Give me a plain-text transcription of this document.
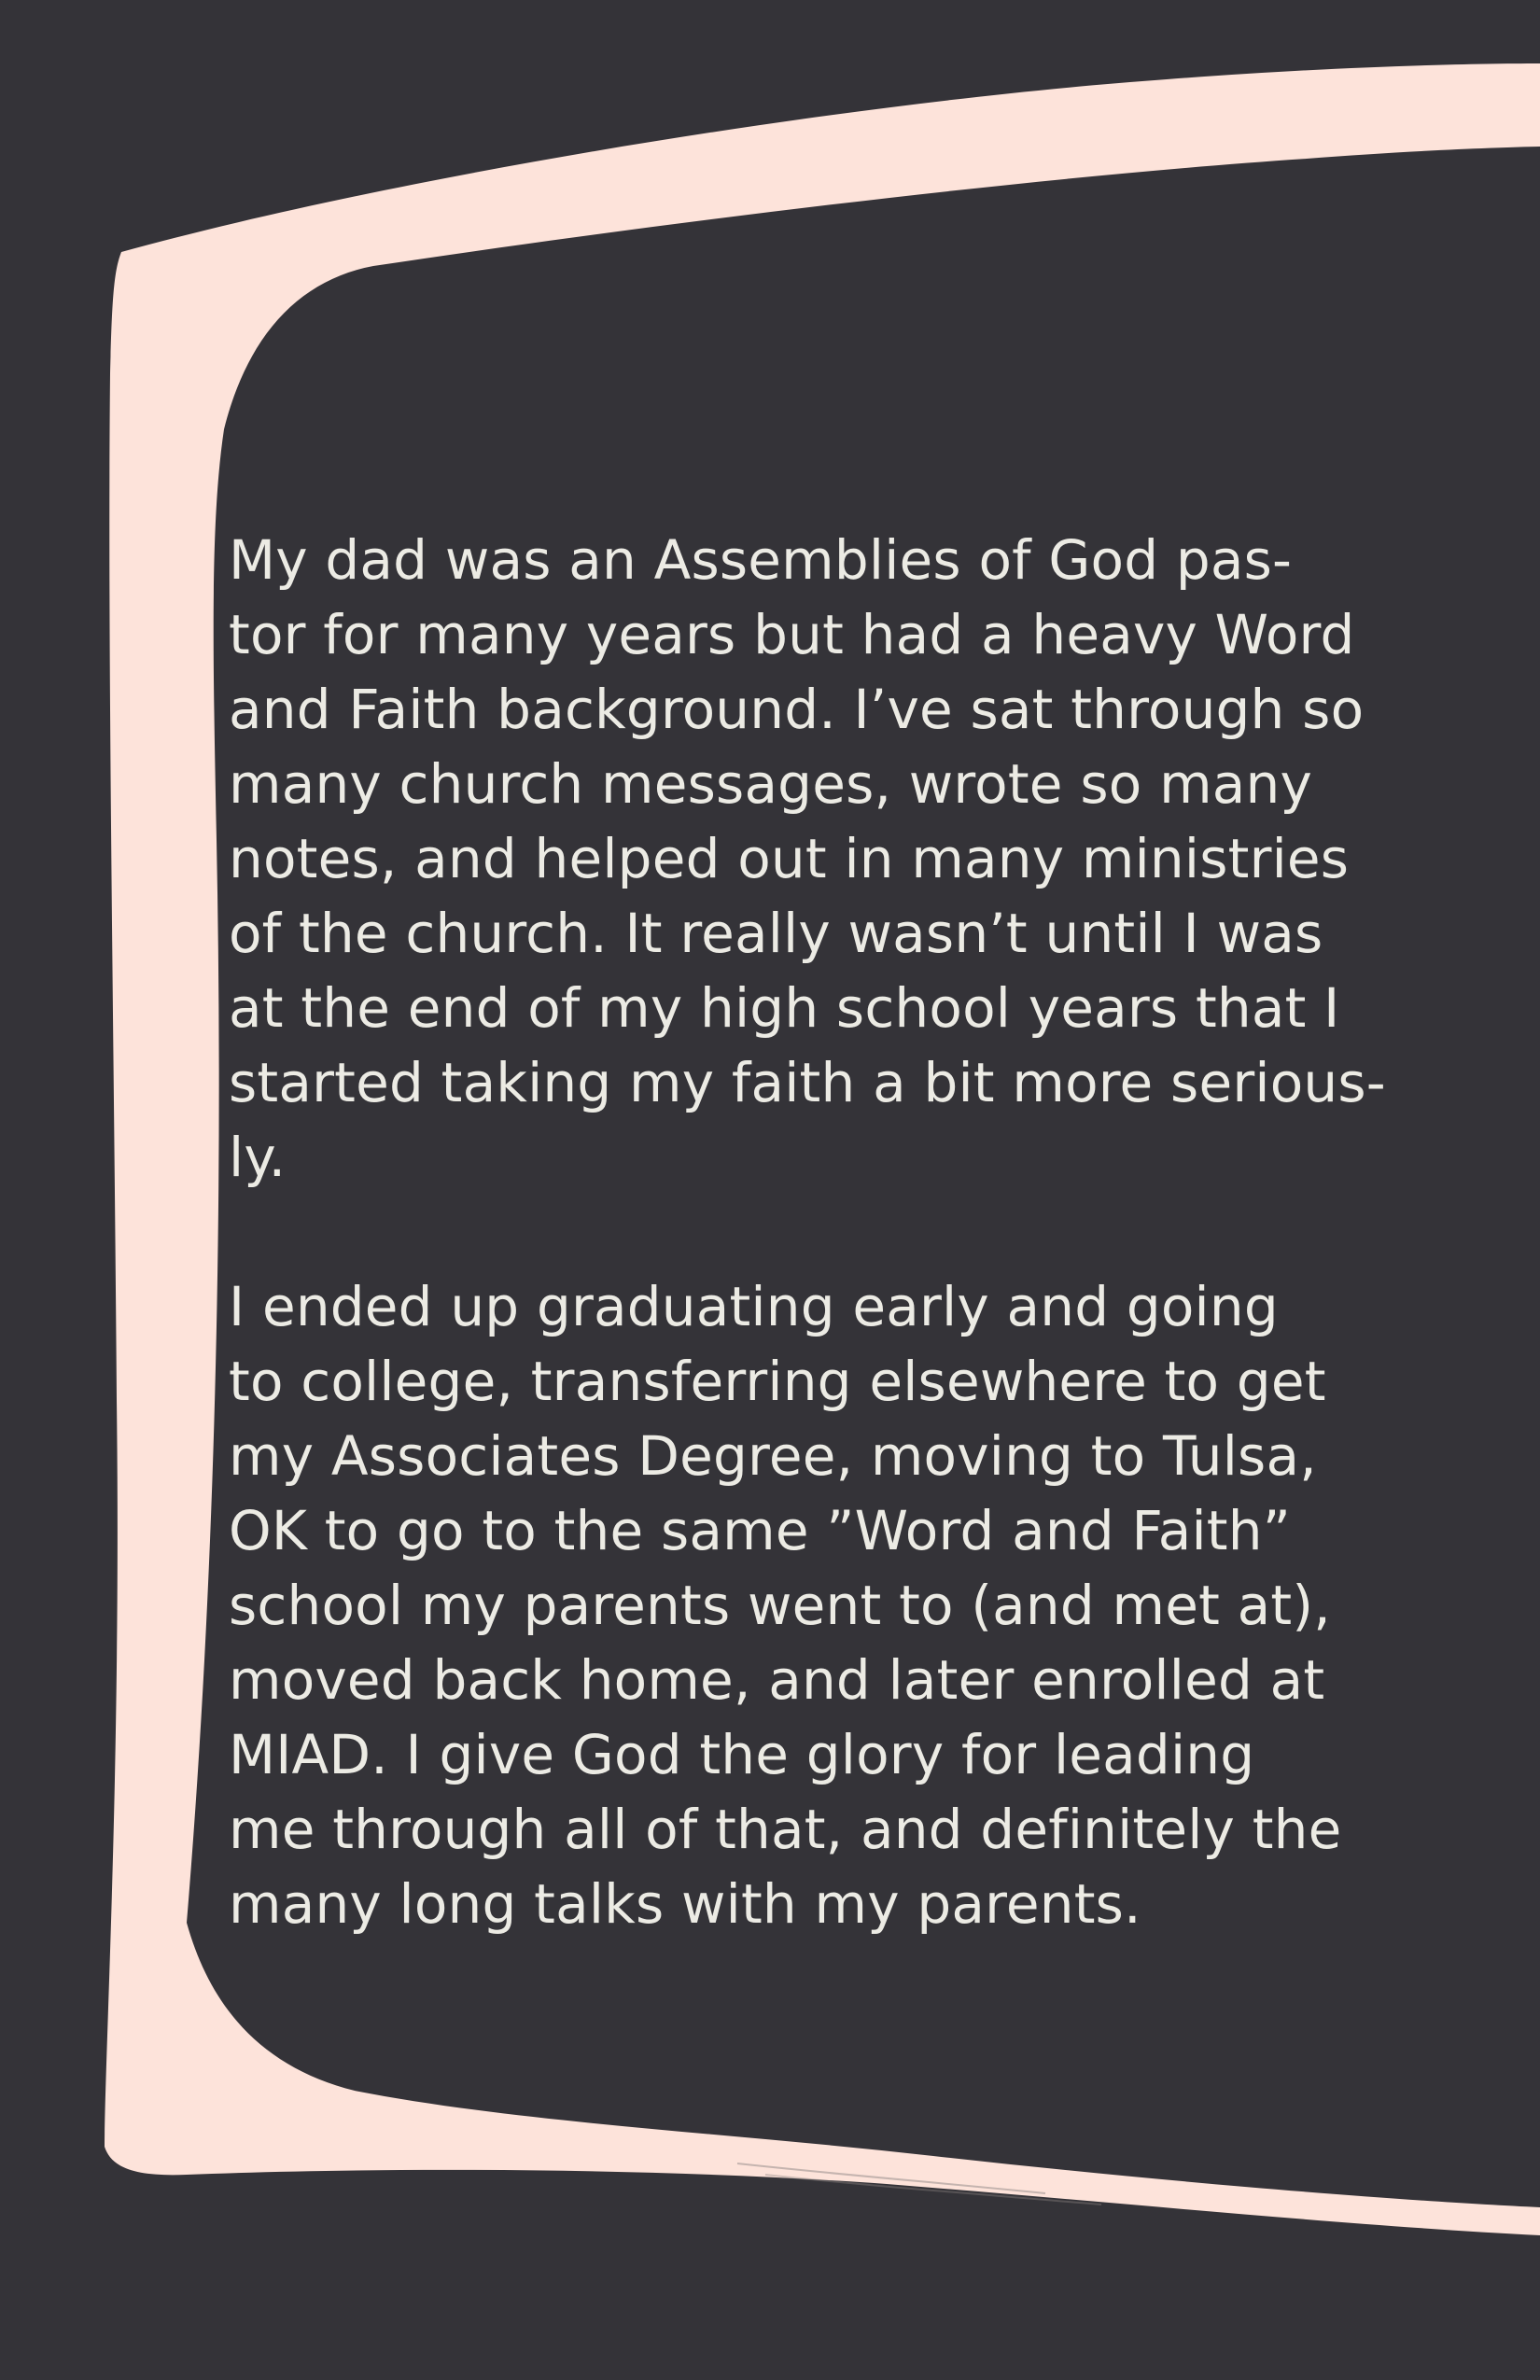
My dad was an Assemblies of God pas-
tor for many years but had a heavy Word
and Faith background. I’ve sat through so
many church messages, wrote so many
notes, and helped out in many ministries
of the church. It really wasn’t until I was
at the end of my high school years that I
started taking my faith a bit more serious-
ly.
I ended up graduating early and going
to college, transferring elsewhere to get
my Associates Degree, moving to Tulsa,
OK to go to the same ”Word and Faith”
school my parents went to (and met at),
moved back home, and later enrolled at
MIAD. I give God the glory for leading
me through all of that, and definitely the
many long talks with my parents.
